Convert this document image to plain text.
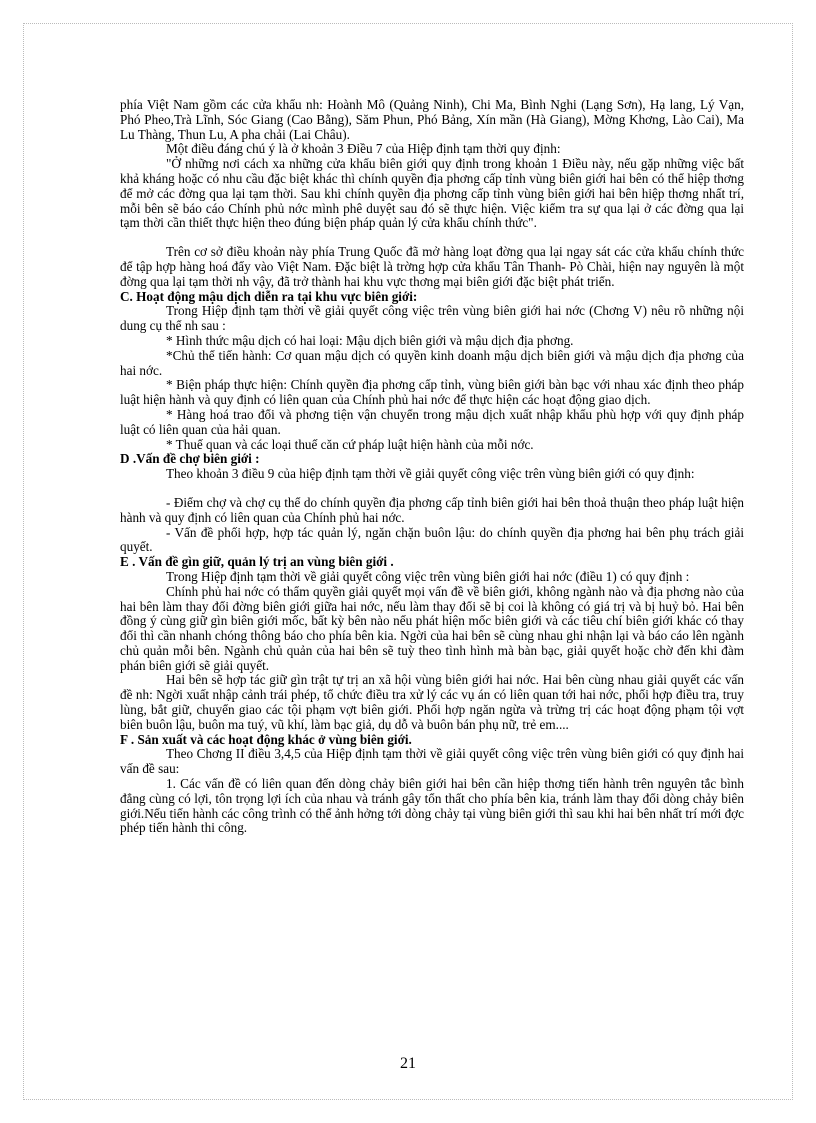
phía Việt Nam gồm các cửa khẩu nh: Hoành Mô (Quảng Ninh), Chi Ma, Bình Nghi (Lạng Sơn), Hạ lang, Lý Vạn, Phó Pheo,Trà Lĩnh, Sóc Giang (Cao Bằng), Săm Phun, Phó Bảng, Xín mần (Hà Giang), Mờng Khơng, Lào Cai), Ma Lu Thàng, Thun Lu, A pha chải (Lai Châu).

Một điều đáng chú ý là ở khoản 3 Điều 7 của Hiệp định tạm thời quy định:

"Ở những nơi cách xa những cửa khẩu biên giới quy định trong khoản 1 Điều này, nếu gặp những việc bất khả kháng hoặc có nhu cầu đặc biệt khác thì chính quyền địa phơng cấp tỉnh vùng biên giới hai bên có thể hiệp thơng để mở các đờng qua lại tạm thời. Sau khi chính quyền địa phơng cấp tỉnh vùng biên giới hai bên hiệp thơng nhất trí, mỗi bên sẽ báo cáo Chính phủ nớc mình phê duyệt sau đó sẽ thực hiện. Việc kiểm tra sự qua lại ở các đờng qua lại tạm thời cần thiết thực hiện theo đúng biện pháp quản lý cửa khẩu chính thức".

Trên cơ sở điều khoản này phía Trung Quốc đã mở hàng loạt đờng qua lại ngay sát các cửa khẩu chính thức để tập hợp hàng hoá đẩy vào Việt Nam. Đặc biệt là trờng hợp cửa khẩu Tân Thanh- Pò Chài, hiện nay nguyên là một đờng qua lại tạm thời nh vậy, đã trở thành hai khu vực thơng mại biên giới đặc biệt phát triển.

C. Hoạt động mậu dịch diễn ra tại khu vực biên giới:

Trong Hiệp định tạm thời về giải quyết công việc trên vùng biên giới hai nớc (Chơng V) nêu rõ những nội dung cụ thể nh sau :

* Hình thức mậu dịch có hai loại: Mậu dịch biên giới và mậu dịch địa phơng.

*Chủ thể tiến hành: Cơ quan mậu dịch có quyền kinh doanh mậu dịch biên giới và mậu dịch địa phơng của hai nớc.

* Biện pháp thực hiện: Chính quyền địa phơng cấp tỉnh, vùng biên giới bàn bạc với nhau xác định theo pháp luật hiện hành và quy định có liên quan của Chính phủ hai nớc để thực hiện các hoạt động giao dịch.

* Hàng hoá trao đổi và phơng tiện vận chuyển trong mậu dịch xuất nhập khẩu phù hợp với quy định pháp luật có liên quan của hải quan.

* Thuế quan và các loại thuế căn cứ pháp luật hiện hành của mỗi nớc.

D .Vấn đề chợ biên giới :

Theo khoản 3 điều 9 của hiệp định tạm thời về giải quyết công việc trên vùng biên giới có quy định:

- Điểm chợ và chợ cụ thể do chính quyền địa phơng cấp tỉnh biên giới hai bên thoả thuận theo pháp luật hiện hành và quy định có liên quan của Chính phủ hai nớc.

- Vấn đề phối hợp, hợp tác quản lý, ngăn chặn buôn lậu: do chính quyền địa phơng hai bên phụ trách giải quyết.

E . Vấn đề gìn giữ, quản lý trị an vùng biên giới .

Trong Hiệp định tạm thời về giải quyết công việc trên vùng biên giới hai nớc (điều 1) có quy định :

Chính phủ hai nớc có thẩm quyền giải quyết mọi vấn đề về biên giới, không ngành nào và địa phơng nào của hai bên làm thay đổi đờng biên giới giữa hai nớc, nếu làm thay đổi sẽ bị coi là không có giá trị và bị huỷ bỏ. Hai bên đồng ý cùng giữ gìn biên giới mốc, bất kỳ bên nào nếu phát hiện mốc biên giới và các tiêu chí biên giới khác có thay đổi thì cần nhanh chóng thông báo cho phía bên kia. Ngời của hai bên sẽ cùng nhau ghi nhận lại và báo cáo lên ngành chủ quản mỗi bên. Ngành chủ quản của hai bên sẽ tuỳ theo tình hình mà bàn bạc, giải quyết hoặc chờ đến khi đàm phán biên giới sẽ giải quyết.

Hai bên sẽ hợp tác giữ gìn trật tự trị an xã hội vùng biên giới hai nớc. Hai bên cùng nhau giải quyết các vấn đề nh: Ngời xuất nhập cảnh trái phép, tổ chức điều tra xử lý các vụ án có liên quan tới hai nớc, phối hợp điều tra, truy lùng, bắt giữ, chuyển giao các tội phạm vợt biên giới. Phối hợp ngăn ngừa và trừng trị các hoạt động phạm tội vợt biên buôn lậu, buôn ma tuý, vũ khí, làm bạc giả, dụ dỗ và buôn bán phụ nữ, trẻ em....

F . Sản xuất và các hoạt động khác ở vùng biên giới.

Theo Chơng II điều 3,4,5 của Hiệp định tạm thời về giải quyết công việc trên vùng biên giới có quy định hai vấn đề sau:

1. Các vấn đề có liên quan đến dòng chảy biên giới hai bên cần hiệp thơng tiến hành trên nguyên tắc bình đẳng cùng có lợi, tôn trọng lợi ích của nhau và tránh gây tổn thất cho phía bên kia, tránh làm thay đổi dòng chảy biên giới.Nếu tiến hành các công trình có thể ảnh hởng tới dòng chảy tại vùng biên giới thì sau khi hai bên nhất trí mới đợc phép tiến hành thi công.

21
